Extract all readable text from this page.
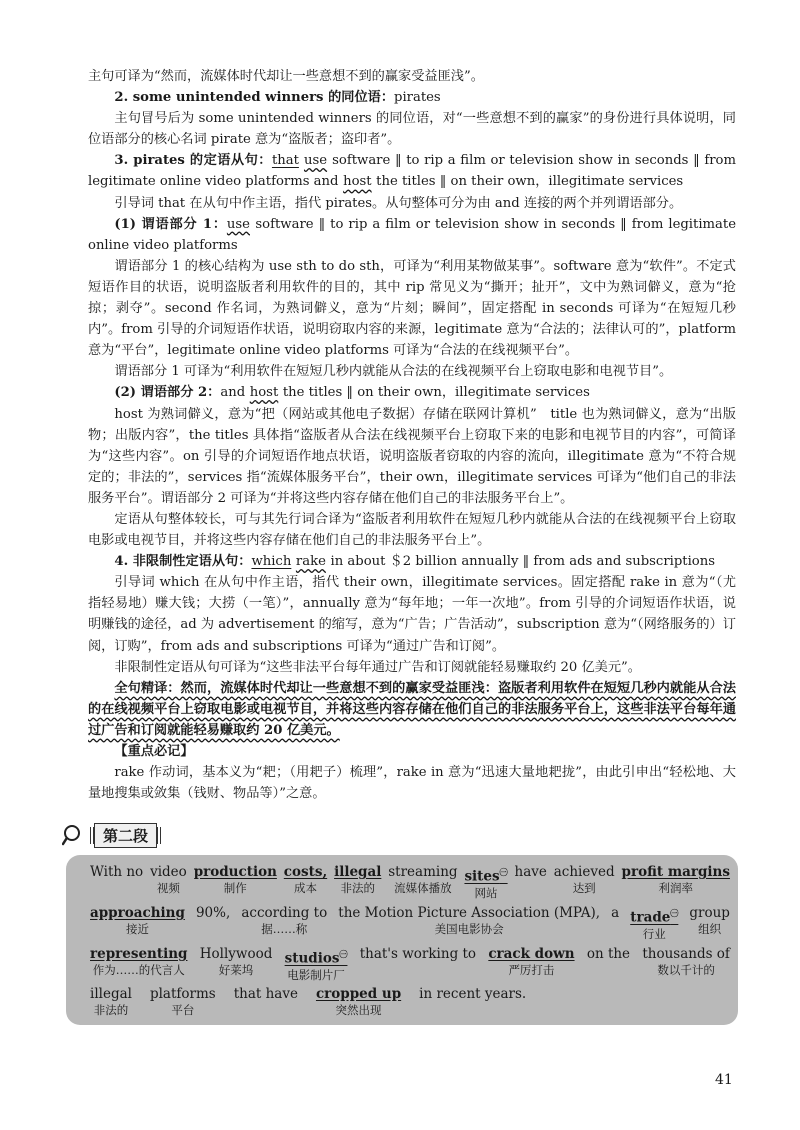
主句可译为“然而，流媒体时代却让一些意想不到的赢家受益匪浅”。

2. some unintended winners 的同位语：pirates

主句冒号后为 some unintended winners 的同位语，对“一些意想不到的赢家”的身份进行具体说明，同位语部分的核心名词 pirate 意为“盗版者；盗印者”。

3. pirates 的定语从句：that use software ‖ to rip a film or television show in seconds ‖ from legitimate online video platforms and host the titles ‖ on their own，illegitimate services

引导词 that 在从句中作主语，指代 pirates。从句整体可分为由 and 连接的两个并列谓语部分。

(1) 谓语部分 1：use software ‖ to rip a film or television show in seconds ‖ from legitimate online video platforms

谓语部分 1 的核心结构为 use sth to do sth，可译为“利用某物做某事”。software 意为“软件”。不定式短语作目的状语，说明盗版者利用软件的目的，其中 rip 常见义为“撕开；扯开”，文中为熟词僻义，意为“抢掠；剥夺”。second 作名词，为熟词僻义，意为“片刻；瞬间”，固定搭配 in seconds 可译为“在短短几秒内”。from 引导的介词短语作状语，说明窃取内容的来源，legitimate 意为“合法的；法律认可的”，platform 意为“平台”，legitimate online video platforms 可译为“合法的在线视频平台”。

谓语部分 1 可译为“利用软件在短短几秒内就能从合法的在线视频平台上窃取电影和电视节目”。

(2) 谓语部分 2：and host the titles ‖ on their own，illegitimate services

host 为熟词僻义，意为“把（网站或其他电子数据）存储在联网计算机”　title 也为熟词僻义，意为“出版物；出版内容”，the titles 具体指“盗版者从合法在线视频平台上窃取下来的电影和电视节目的内容”，可简译为“这些内容”。on 引导的介词短语作地点状语，说明盗版者窃取的内容的流向，illegitimate 意为“不符合规定的；非法的”，services 指“流媒体服务平台”，their own，illegitimate services 可译为“他们自己的非法服务平台”。谓语部分 2 可译为“并将这些内容存储在他们自己的非法服务平台上”。

定语从句整体较长，可与其先行词合译为“盗版者利用软件在短短几秒内就能从合法的在线视频平台上窃取电影或电视节目，并将这些内容存储在他们自己的非法服务平台上”。

4. 非限制性定语从句：which rake in about ＄2 billion annually ‖ from ads and subscriptions

引导词 which 在从句中作主语，指代 their own，illegitimate services。固定搭配 rake in 意为“（尤指轻易地）赚大钱；大捞（一笔）”，annually 意为“每年地；一年一次地”。from 引导的介词短语作状语，说明赚钱的途径，ad 为 advertisement 的缩写，意为“广告；广告活动”，subscription 意为“（网络服务的）订阅，订购”，from ads and subscriptions 可译为“通过广告和订阅”。

非限制性定语从句可译为“这些非法平台每年通过广告和订阅就能轻易赚取约 20 亿美元”。

全句精译：然而，流媒体时代却让一些意想不到的赢家受益匪浅：盗版者利用软件在短短几秒内就能从合法的在线视频平台上窃取电影或电视节目，并将这些内容存储在他们自己的非法服务平台上，这些非法平台每年通过广告和订阅就能轻易赚取约 20 亿美元。

【重点必记】

rake 作动词，基本义为“耙；（用耙子）梳理”，rake in 意为“迅速大量地耙拢”，由此引申出“轻松地、大量地搜集或敛集（钱财、物品等）”之意。

第二段
With no
video
视频
production
制作
costs,
成本
illegal
非法的
streaming
流媒体播放
sites$^㊀$
网站
have
achieved
达到
profit margins
利润率
approaching
接近
90%,
according to
据……称
the Motion Picture Association (MPA),
美国电影协会
a
trade$^㊀$
行业
group
组织
representing
作为……的代言人
Hollywood
好莱坞
studios$^㊀$
电影制片厂
that's working to
crack down
严厉打击
on the
thousands of
数以千计的
illegal
非法的
platforms
平台
that have
cropped up
突然出现
in recent years.

41
